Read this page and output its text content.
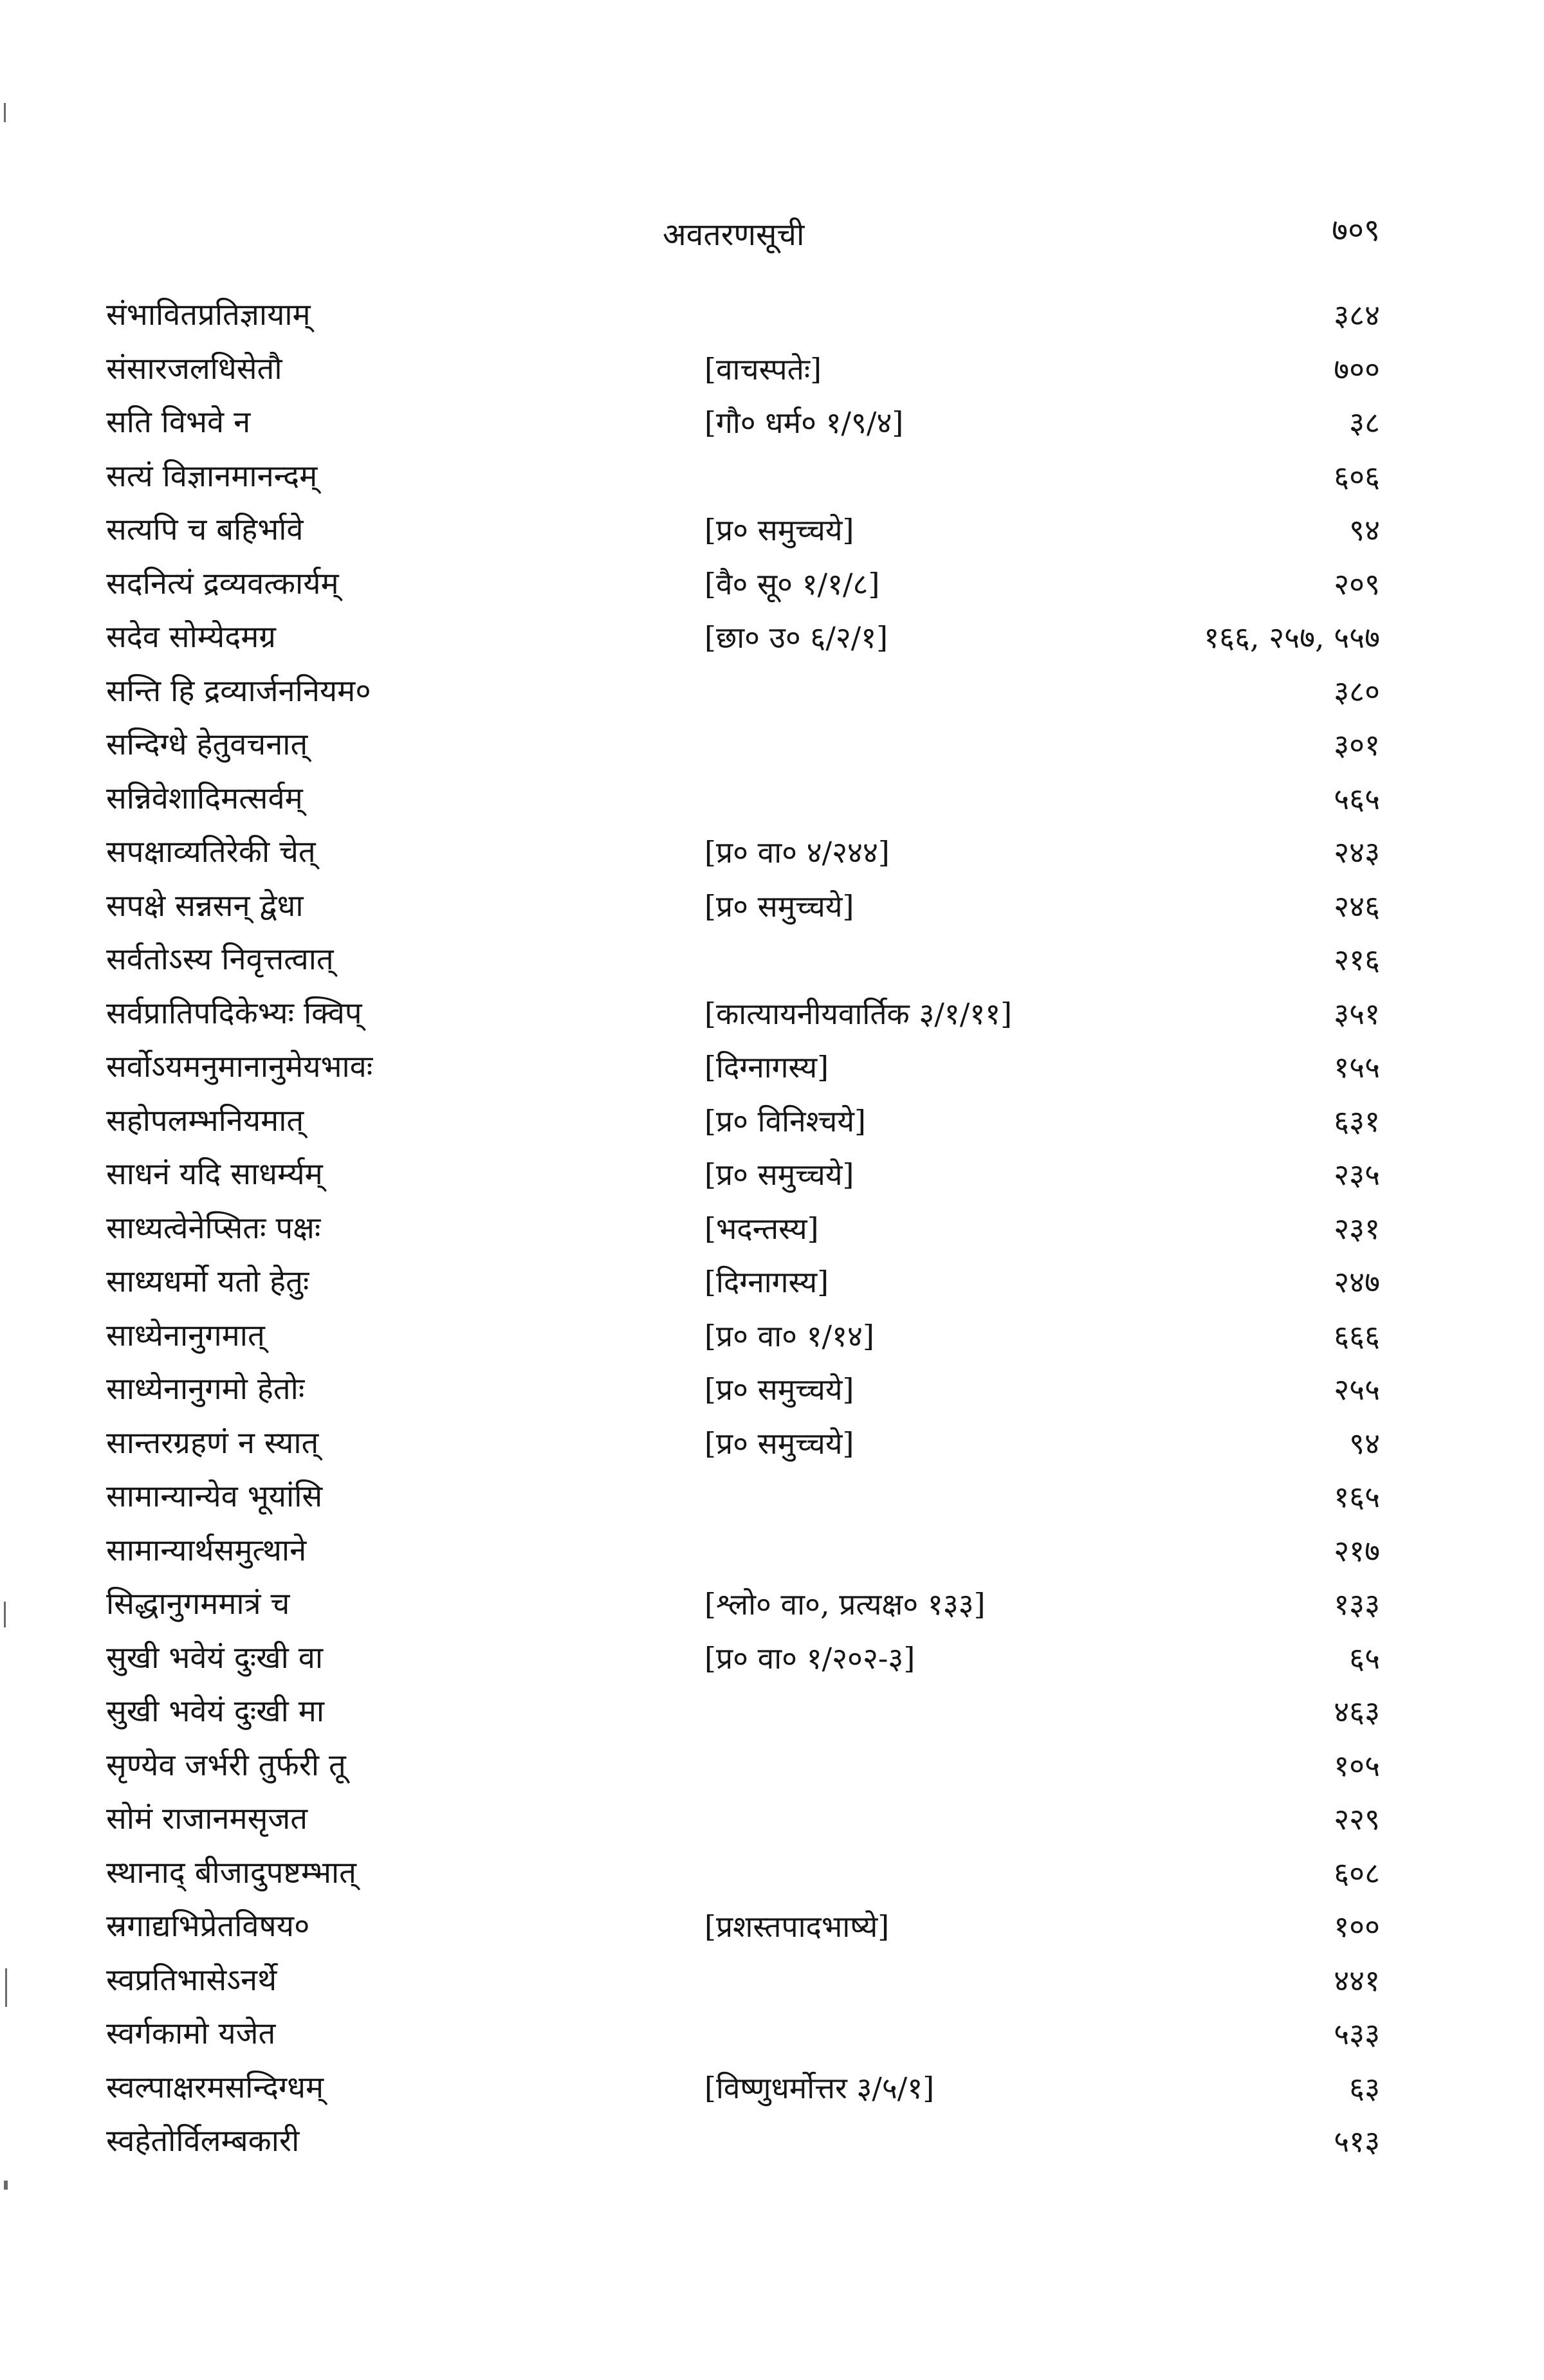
अवतरणसूची	७०९
संभावितप्रतिज्ञायाम्	३८४
संसारजलधिसेतौ	[वाचस्पतेः]	७००
सति विभवे न	[गौ० धर्म० १/९/४]	३८
सत्यं विज्ञानमानन्दम्	६०६
सत्यपि च बहिर्भावे	[प्र० समुच्चये]	९४
सदनित्यं द्रव्यवत्कार्यम्	[वै० सू० १/१/८]	२०९
सदेव सोम्येदमग्र	[छा० उ० ६/२/१]	१६६, २५७, ५५७
सन्ति हि द्रव्यार्जननियम०	३८०
सन्दिग्धे हेतुवचनात्	३०१
सन्निवेशादिमत्सर्वम्	५६५
सपक्षाव्यतिरेकी चेत्	[प्र० वा० ४/२४४]	२४३
सपक्षे सन्नसन् द्वेधा	[प्र० समुच्चये]	२४६
सर्वतोऽस्य निवृत्तत्वात्	२१६
सर्वप्रातिपदिकेभ्यः क्विप्	[कात्यायनीयवार्तिक ३/१/११]	३५१
सर्वोऽयमनुमानानुमेयभावः	[दिग्नागस्य]	१५५
सहोपलम्भनियमात्	[प्र० विनिश्चये]	६३१
साधनं यदि साधर्म्यम्	[प्र० समुच्चये]	२३५
साध्यत्वेनेप्सितः पक्षः	[भदन्तस्य]	२३१
साध्यधर्मो यतो हेतुः	[दिग्नागस्य]	२४७
साध्येनानुगमात्	[प्र० वा० १/१४]	६६६
साध्येनानुगमो हेतोः	[प्र० समुच्चये]	२५५
सान्तरग्रहणं न स्यात्	[प्र० समुच्चये]	९४
सामान्यान्येव भूयांसि	१६५
सामान्यार्थसमुत्थाने	२१७
सिद्धानुगममात्रं च	[श्लो० वा०, प्रत्यक्ष० १३३]	१३३
सुखी भवेयं दुःखी वा	[प्र० वा० १/२०२-३]	६५
सुखी भवेयं दुःखी मा	४६३
सृण्येव जर्भरी तुर्फरी तू	१०५
सोमं राजानमसृजत	२२९
स्थानाद् बीजादुपष्टम्भात्	६०८
स्रगाद्यभिप्रेतविषय०	[प्रशस्तपादभाष्ये]	१००
स्वप्रतिभासेऽनर्थे	४४१
स्वर्गकामो यजेत	५३३
स्वल्पाक्षरमसन्दिग्धम्	[विष्णुधर्मोत्तर ३/५/१]	६३
स्वहेतोर्विलम्बकारी	५१३
